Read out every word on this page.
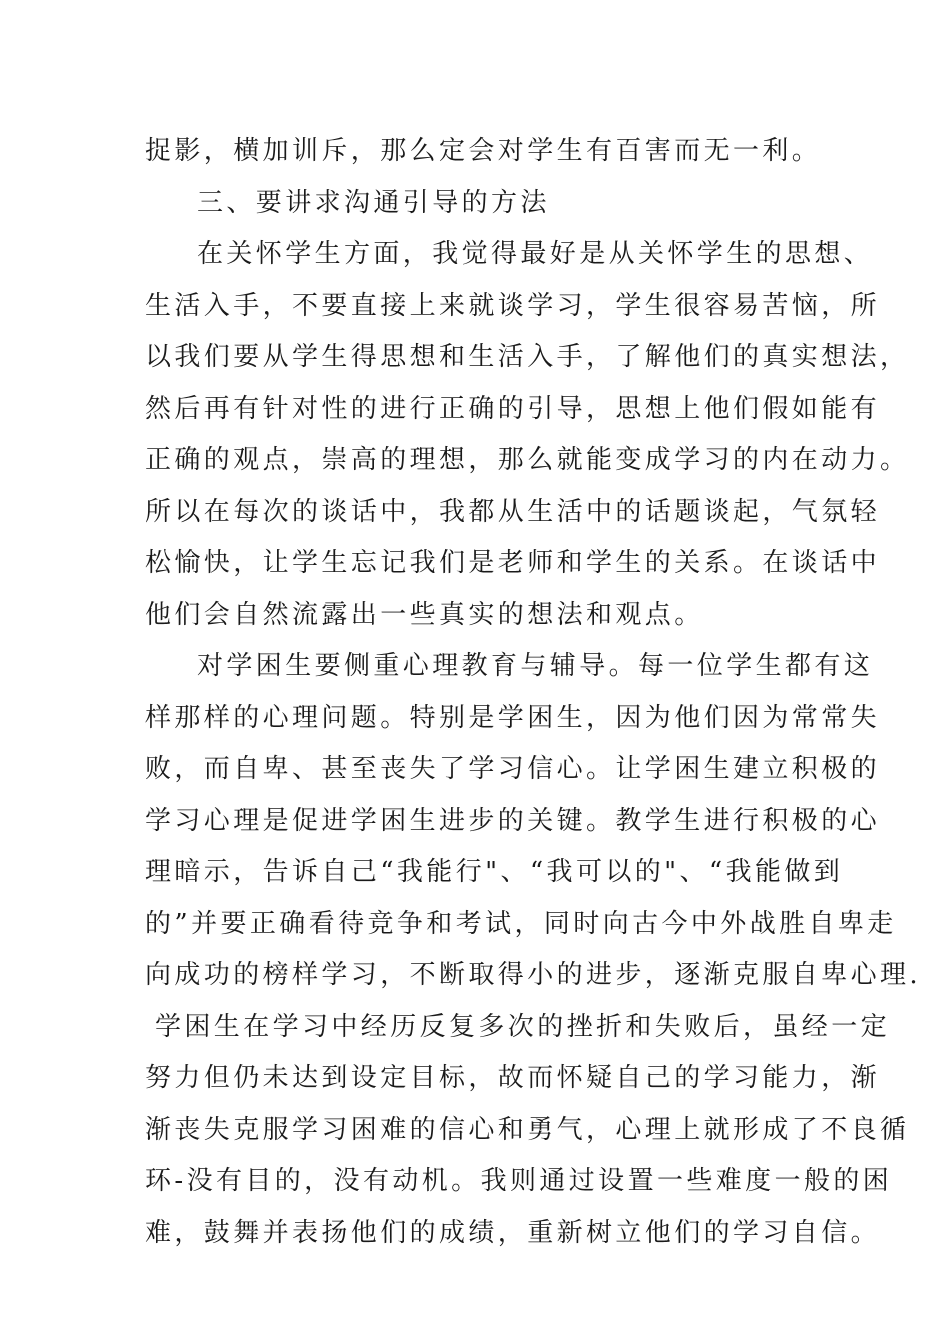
捉影，横加训斥，那么定会对学生有百害而无一利。
三、要讲求沟通引导的方法
在关怀学生方面，我觉得最好是从关怀学生的思想、
生活入手，不要直接上来就谈学习，学生很容易苦恼，所
以我们要从学生得思想和生活入手，了解他们的真实想法，
然后再有针对性的进行正确的引导，思想上他们假如能有
正确的观点，崇高的理想，那么就能变成学习的内在动力。
所以在每次的谈话中，我都从生活中的话题谈起，气氛轻
松愉快，让学生忘记我们是老师和学生的关系。在谈话中
他们会自然流露出一些真实的想法和观点。
对学困生要侧重心理教育与辅导。每一位学生都有这
样那样的心理问题。特别是学困生，因为他们因为常常失
败，而自卑、甚至丧失了学习信心。让学困生建立积极的
学习心理是促进学困生进步的关键。教学生进行积极的心
理暗示，告诉自己“我能行"、“我可以的"、“我能做到
的”并要正确看待竞争和考试，同时向古今中外战胜自卑走
向成功的榜样学习，不断取得小的进步，逐渐克服自卑心理.
学困生在学习中经历反复多次的挫折和失败后，虽经一定
努力但仍未达到设定目标，故而怀疑自己的学习能力，渐
渐丧失克服学习困难的信心和勇气，心理上就形成了不良循
环-没有目的，没有动机。我则通过设置一些难度一般的困
难，鼓舞并表扬他们的成绩，重新树立他们的学习自信。
